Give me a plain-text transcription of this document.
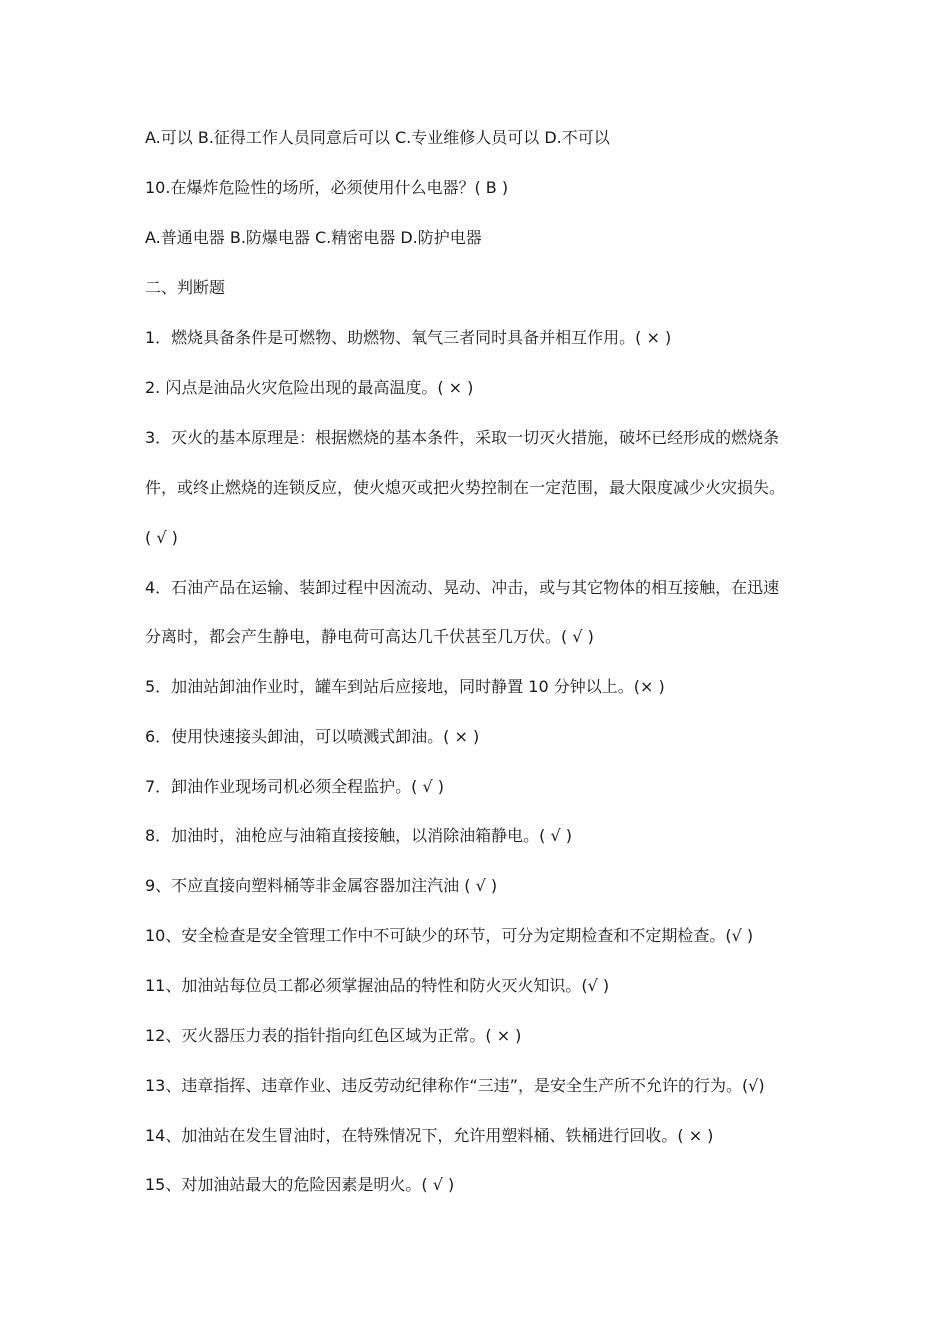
A.可以 B.征得工作人员同意后可以 C.专业维修人员可以 D.不可以
10.在爆炸危险性的场所，必须使用什么电器？( B )
A.普通电器 B.防爆电器 C.精密电器 D.防护电器
二、判断题
1．燃烧具备条件是可燃物、助燃物、氧气三者同时具备并相互作用。( × )
2. 闪点是油品火灾危险出现的最高温度。( × )
3．灭火的基本原理是：根据燃烧的基本条件，采取一切灭火措施，破坏已经形成的燃烧条
件，或终止燃烧的连锁反应，使火熄灭或把火势控制在一定范围，最大限度减少火灾损失。
( √ )
4．石油产品在运输、装卸过程中因流动、晃动、冲击，或与其它物体的相互接触，在迅速
分离时，都会产生静电，静电荷可高达几千伏甚至几万伏。( √ )
5．加油站卸油作业时，罐车到站后应接地，同时静置 10 分钟以上。(× )
6．使用快速接头卸油，可以喷溅式卸油。( × )
7．卸油作业现场司机必须全程监护。( √ )
8．加油时，油枪应与油箱直接接触，以消除油箱静电。( √ )
9、不应直接向塑料桶等非金属容器加注汽油 ( √ )
10、安全检查是安全管理工作中不可缺少的环节，可分为定期检查和不定期检查。(√ )
11、加油站每位员工都必须掌握油品的特性和防火灭火知识。(√ )
12、灭火器压力表的指针指向红色区域为正常。( × )
13、违章指挥、违章作业、违反劳动纪律称作“三违”，是安全生产所不允许的行为。(√)
14、加油站在发生冒油时，在特殊情况下，允许用塑料桶、铁桶进行回收。( × )
15、对加油站最大的危险因素是明火。( √ )
